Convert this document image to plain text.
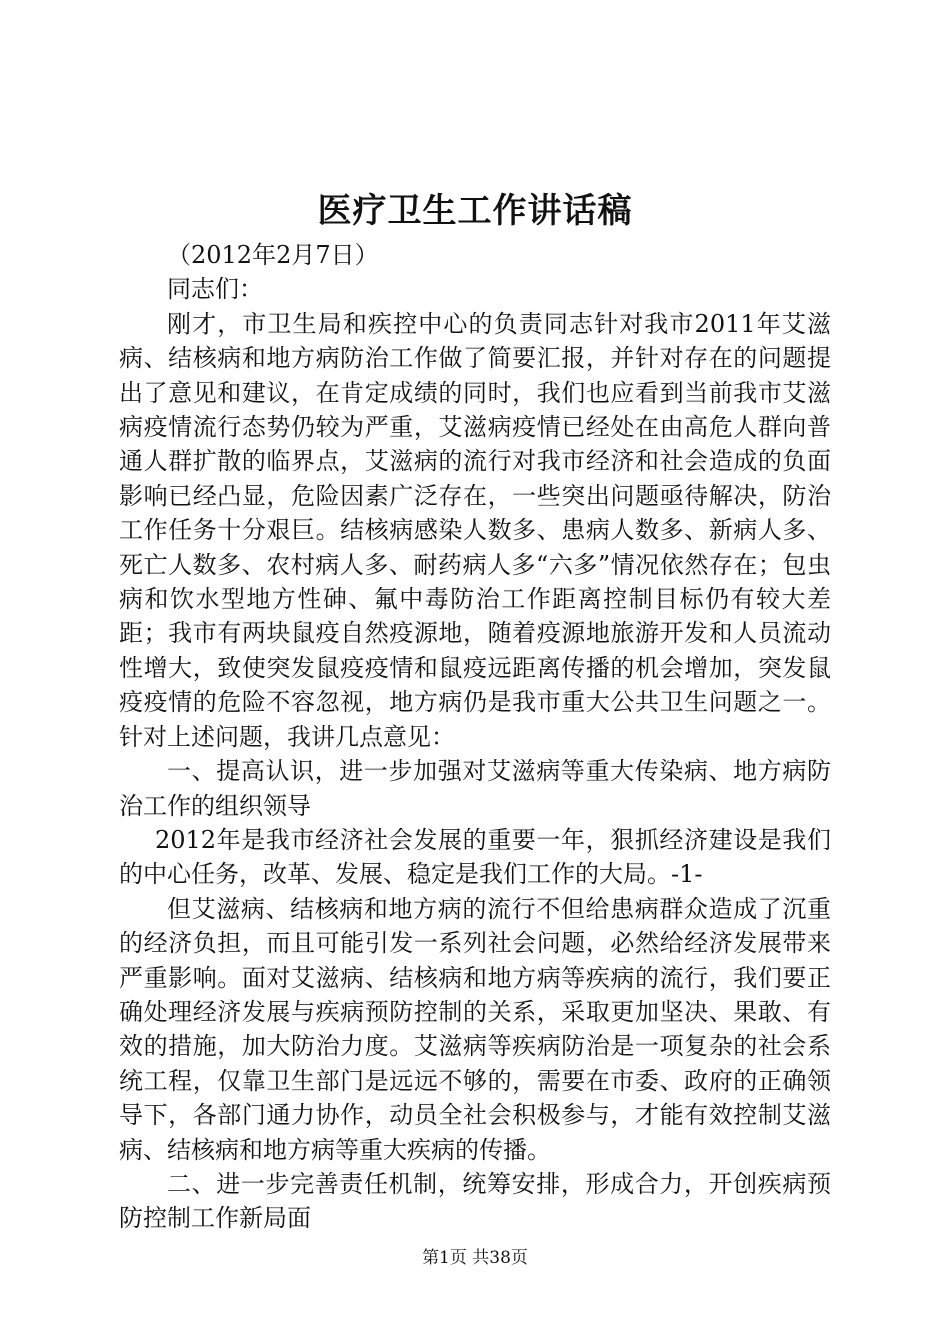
医疗卫生工作讲话稿

（2012年2月7日）

同志们：

刚才，市卫生局和疾控中心的负责同志针对我市2011年艾滋病、结核病和地方病防治工作做了简要汇报，并针对存在的问题提出了意见和建议，在肯定成绩的同时，我们也应看到当前我市艾滋病疫情流行态势仍较为严重，艾滋病疫情已经处在由高危人群向普通人群扩散的临界点，艾滋病的流行对我市经济和社会造成的负面影响已经凸显，危险因素广泛存在，一些突出问题亟待解决，防治工作任务十分艰巨。结核病感染人数多、患病人数多、新病人多、死亡人数多、农村病人多、耐药病人多“六多”情况依然存在；包虫病和饮水型地方性砷、氟中毒防治工作距离控制目标仍有较大差距；我市有两块鼠疫自然疫源地，随着疫源地旅游开发和人员流动性增大，致使突发鼠疫疫情和鼠疫远距离传播的机会增加，突发鼠疫疫情的危险不容忽视，地方病仍是我市重大公共卫生问题之一。针对上述问题，我讲几点意见：

一、提高认识，进一步加强对艾滋病等重大传染病、地方病防治工作的组织领导

2012年是我市经济社会发展的重要一年，狠抓经济建设是我们的中心任务，改革、发展、稳定是我们工作的大局。-1-

但艾滋病、结核病和地方病的流行不但给患病群众造成了沉重的经济负担，而且可能引发一系列社会问题，必然给经济发展带来严重影响。面对艾滋病、结核病和地方病等疾病的流行，我们要正确处理经济发展与疾病预防控制的关系，采取更加坚决、果敢、有效的措施，加大防治力度。艾滋病等疾病防治是一项复杂的社会系统工程，仅靠卫生部门是远远不够的，需要在市委、政府的正确领导下，各部门通力协作，动员全社会积极参与，才能有效控制艾滋病、结核病和地方病等重大疾病的传播。

二、进一步完善责任机制，统筹安排，形成合力，开创疾病预防控制工作新局面

第1页 共38页
